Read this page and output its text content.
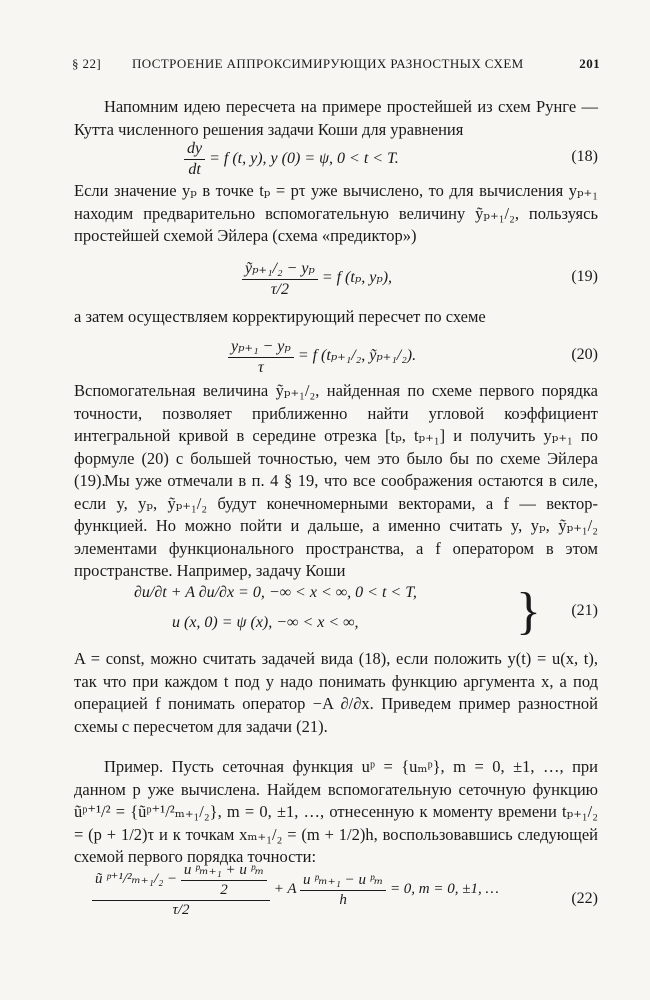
§ 22] ПОСТРОЕНИЕ АППРОКСИМИРУЮЩИХ РАЗНОСТНЫХ СХЕМ	201
Напомним идею пересчета на примере простейшей из схем Рунге — Кутта численного решения задачи Коши для уравнения
$\frac{dy}{dt} = f$ (t, y), y (0) = ψ, 0 < t < T.	(18)
Если значение yₚ в точке tₚ = pτ уже вычислено, то для вычисления yₚ₊₁ находим предварительно вспомогательную величину ỹₚ₊₁/₂, пользуясь простейшей схемой Эйлера (схема «предиктор»)
$\frac{\text{ỹₚ₊₁/₂ − yₚ}}{\tau/2} = f$ (tₚ, yₚ),	(19)
а затем осуществляем корректирующий пересчет по схеме
$\frac{\text{yₚ₊₁ − yₚ}}{\tau} = f$ (tₚ₊₁/₂, ỹₚ₊₁/₂).	(20)
Вспомогательная величина ỹₚ₊₁/₂, найденная по схеме первого порядка точности, позволяет приближенно найти угловой коэффициент интегральной кривой в середине отрезка [tₚ, tₚ₊₁] и получить yₚ₊₁ по формуле (20) с большей точностью, чем это было бы по схеме Эйлера (19).
Мы уже отмечали в п. 4 § 19, что все соображения остаются в силе, если y, yₚ, ỹₚ₊₁/₂ будут конечномерными векторами, а f — вектор-функцией. Но можно пойти и дальше, а именно считать y, yₚ, ỹₚ₊₁/₂ элементами функционального пространства, а f оператором в этом пространстве. Например, задачу Коши
∂u/∂t + A ∂u/∂x = 0, −∞ < x < ∞, 0 < t < T,
u (x, 0) = ψ (x), −∞ < x < ∞,	} (21)
A = const, можно считать задачей вида (18), если положить y(t) = u(x, t), так что при каждом t под y надо понимать функцию аргумента x, а под операцией f понимать оператор −A ∂/∂x. Приведем пример разностной схемы с пересчетом для задачи (21).
Пример. Пусть сеточная функция uᵖ = {uₘᵖ}, m = 0, ±1, …, при данном p уже вычислена. Найдем вспомогательную сеточную функцию ũᵖ⁺¹/² = {ũᵖ⁺¹/²ₘ₊₁/₂}, m = 0, ±1, …, отнесенную к моменту времени tₚ₊₁/₂ = (p + 1/2)τ и к точкам xₘ₊₁/₂ = (m + 1/2)h, воспользовавшись следующей схемой первого порядка точности:
$\frac{ũ ᵖ^{+1}/^2_{m+1}/_2 - \frac{\text{u ᵖₘ₊₁ + u ᵖₘ}}{2}}{\tau/2} + A \frac{\text{u ᵖₘ₊₁ − u ᵖₘ}}{h} = 0$, m = 0, ±1, …
(22)
